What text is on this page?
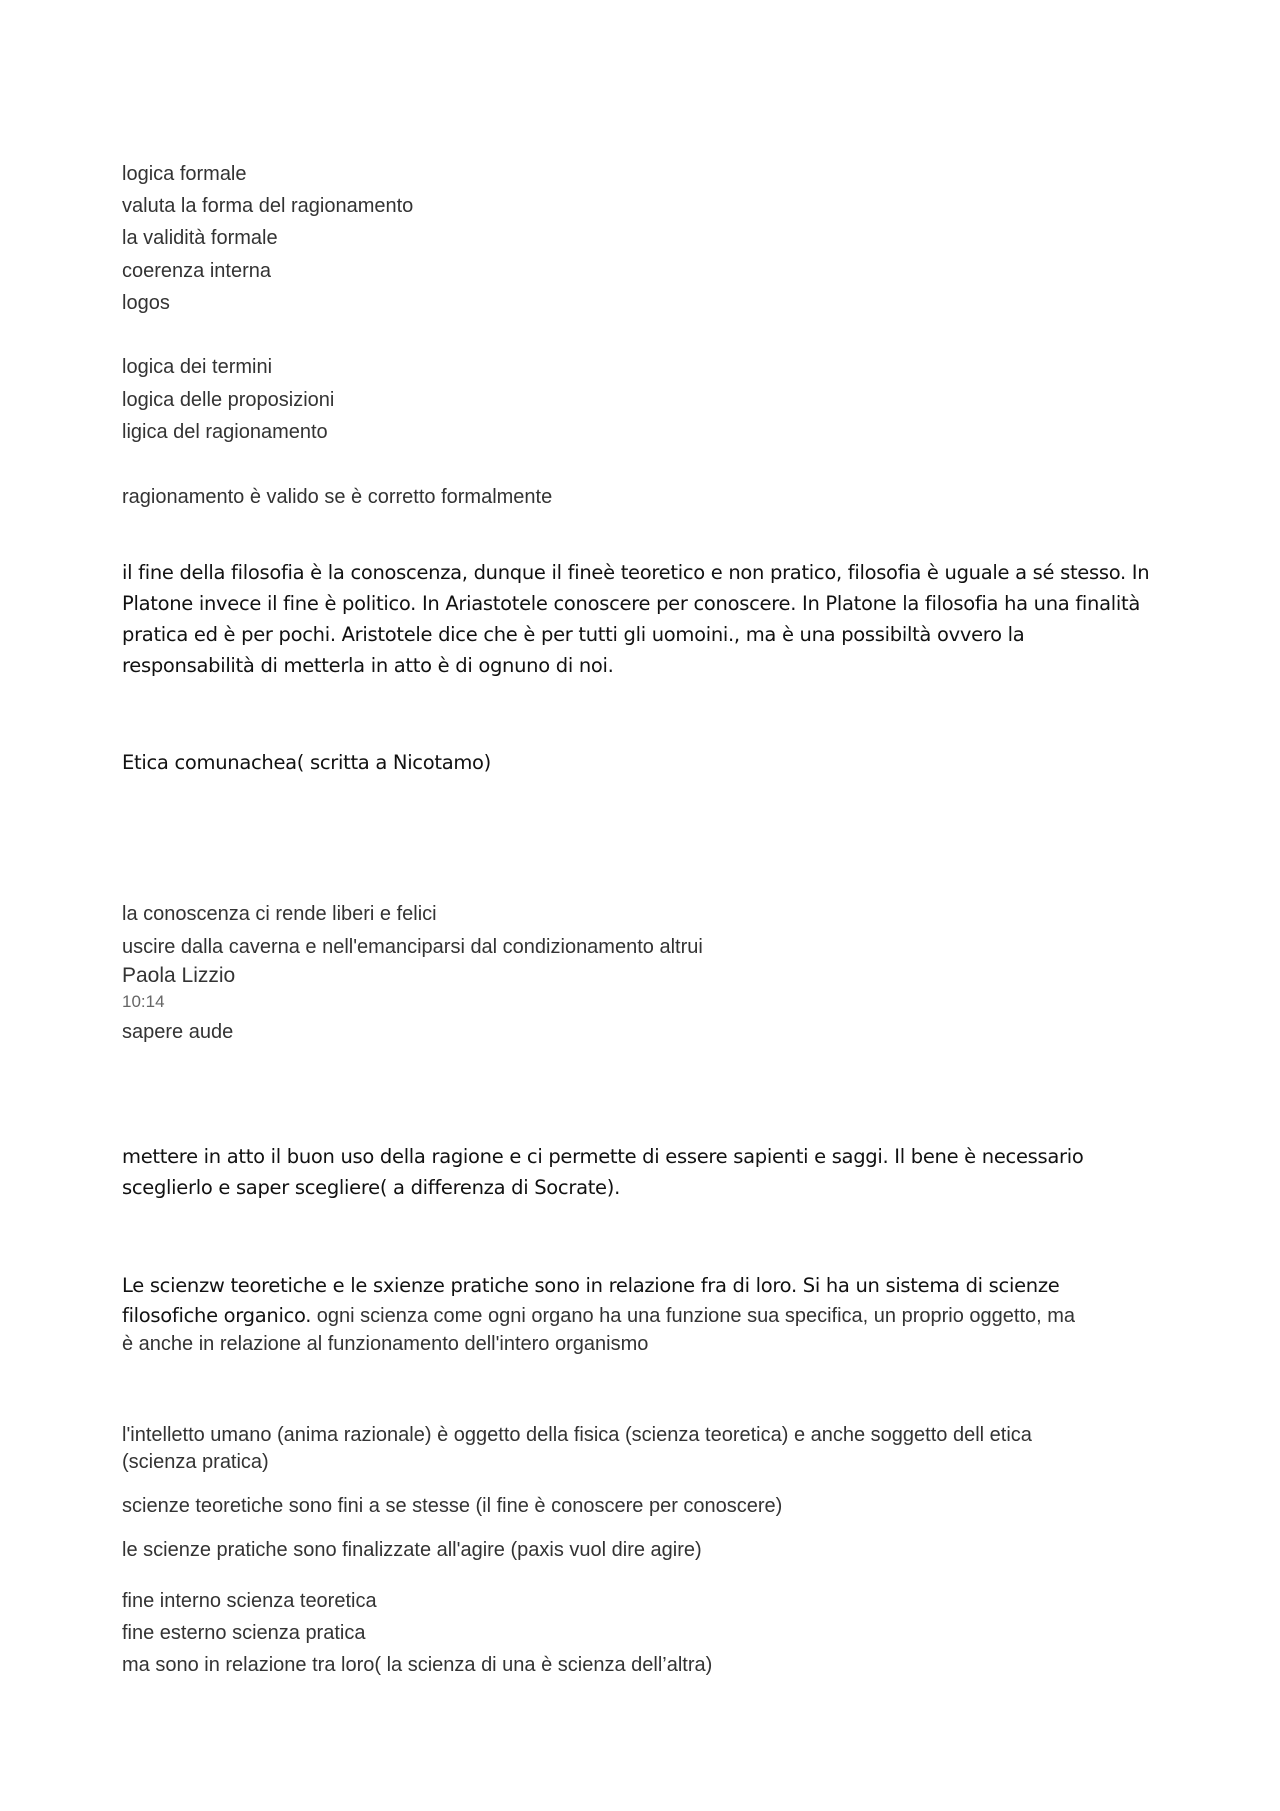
logica formale
valuta la forma del ragionamento
la validità formale
coerenza interna
logos
logica dei termini
logica delle proposizioni
ligica del ragionamento
ragionamento è valido se è corretto formalmente
il fine della filosofia è la conoscenza, dunque il fineè teoretico e non pratico, filosofia è uguale a sé stesso. In
Platone invece il fine è politico. In Ariastotele conoscere per conoscere. In Platone la filosofia ha una finalità
pratica ed è per pochi. Aristotele dice che è per tutti gli uomoini., ma è una possibiltà ovvero la
responsabilità di metterla in atto è di ognuno di noi.
Etica comunachea( scritta a Nicotamo)
la conoscenza ci rende liberi e felici
uscire dalla caverna e nell'emanciparsi dal condizionamento altrui
Paola Lizzio
10:14
sapere aude
mettere in atto il buon uso della ragione e ci permette di essere sapienti e saggi. Il bene è necessario
sceglierlo e saper scegliere( a differenza di Socrate).
Le scienzw teoretiche e le sxienze pratiche sono in relazione fra di loro. Si ha un sistema di scienze
filosofiche organico. ogni scienza come ogni organo ha una funzione sua specifica, un proprio oggetto, ma
è anche in relazione al funzionamento dell'intero organismo
l'intelletto umano (anima razionale) è oggetto della fisica (scienza teoretica) e anche soggetto dell etica
(scienza pratica)
scienze teoretiche sono fini a se stesse (il fine è conoscere per conoscere)
le scienze pratiche sono finalizzate all'agire (paxis vuol dire agire)
fine interno scienza teoretica
fine esterno scienza pratica
ma sono in relazione tra loro( la scienza di una è scienza dell’altra)
